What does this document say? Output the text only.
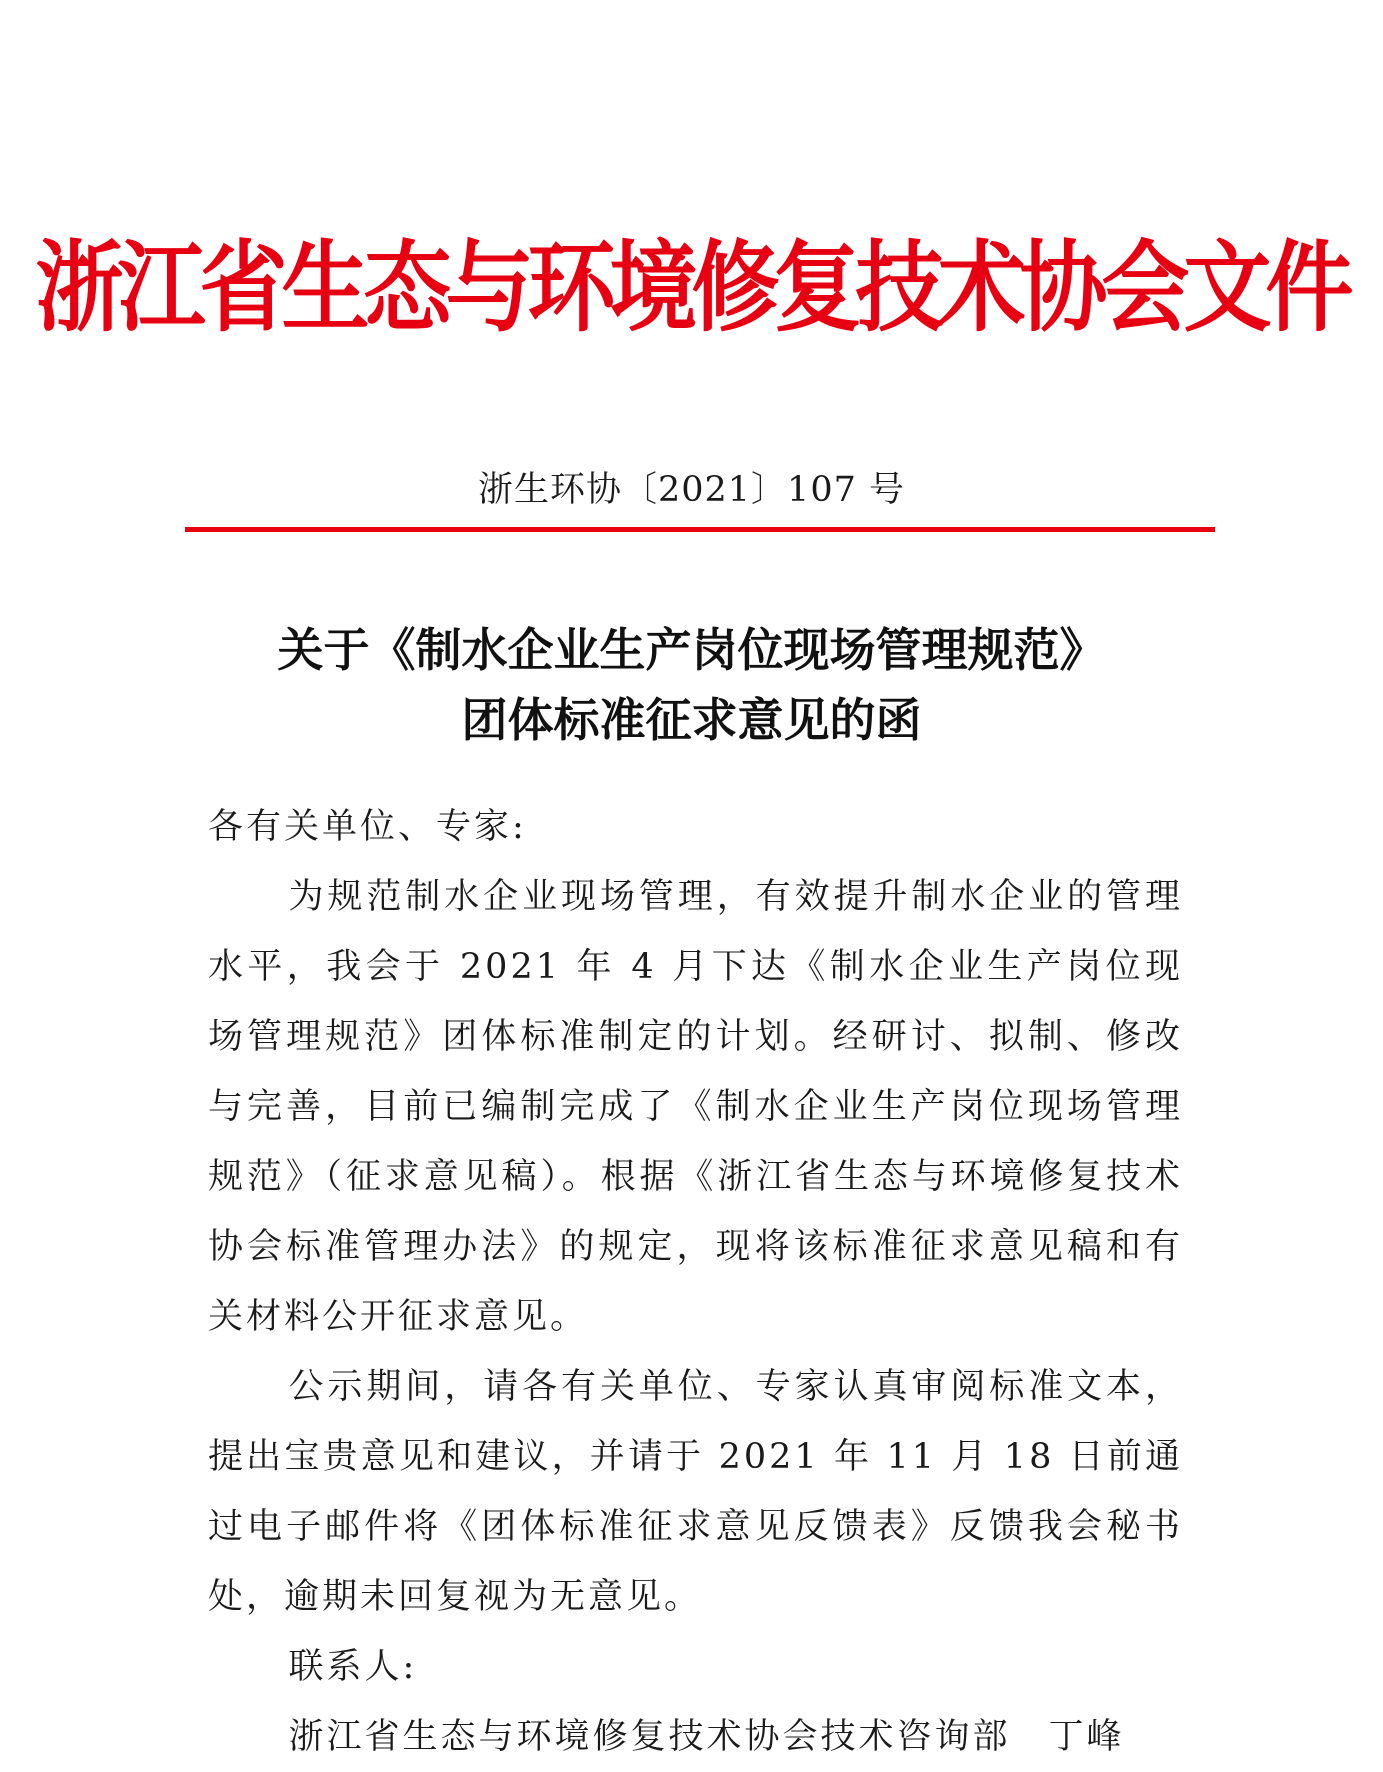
浙江省生态与环境修复技术协会文件
浙生环协〔2021〕107 号
关于《制水企业生产岗位现场管理规范》
团体标准征求意见的函

各有关单位、专家:

为规范制水企业现场管理，有效提升制水企业的管理水平，我会于 2021 年 4 月下达《制水企业生产岗位现场管理规范》团体标准制定的计划。经研讨、拟制、修改与完善，目前已编制完成了《制水企业生产岗位现场管理规范》（征求意见稿）。根据《浙江省生态与环境修复技术协会标准管理办法》的规定，现将该标准征求意见稿和有关材料公开征求意见。

公示期间，请各有关单位、专家认真审阅标准文本，提出宝贵意见和建议，并请于 2021 年 11 月 18 日前通过电子邮件将《团体标准征求意见反馈表》反馈我会秘书处，逾期未回复视为无意见。

联系人:

浙江省生态与环境修复技术协会技术咨询部　丁峰
